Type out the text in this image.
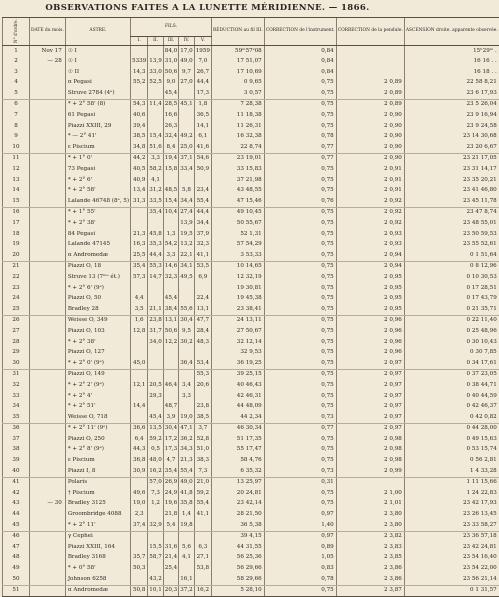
OBSERVATIONS FAITES A LA LUNETTE MÉRIDIENNE. — 1866.
N° d'ordre.	DATE du mois.	ASTRE.	FILS.					RÉDUCTION au fil III.	CORRECTION de l'instrument.	CORRECTION de la pendule.	ASCENSION droite. apparente observée.
			I.	II.	III.	IV.	V.				
1	Nov 17	☉ I			84,0	17,0	1959	59ᵐ57ˢ08	0,84		15ʰ29ᵐ .
2	— 28	☉ I	5339	13,9	31,0	49,0	7,0	17 51,07	0,84		16 16 . .
3		☉ II	14,3	33,0	50,6	9,7	26,7	17 10,69	0,84		16 18 . .
4		α Pegasi	55,2	52,5	9,0	27,0	44,4	0 9,65	0,75	2 0,89	22 58 8,21
5		Struve 2784 (4ᵉ)			45,4		17,3	3 0,57	0,75	2 0,89	23 6 17,93
6		* + 2° 58' (8)	54,3	11,4	28,5	45,1	1,8	7 28,38	0,75	2 0,89	23 5 26,04
7		61 Pegasi	40,6		16,6		36,5	11 18,38	0,75	2 0,90	23 9 16,94
8		Piazzi XXIII, 29	39,4		26,3		14,1	11 26,31	0,75	2 0,90	23 9 24,58
9		* — 2° 41'	38,5	15,4	32,4	49,2	6,1	16 32,38	0,78	2 0,90	23 14 30,68
10		ε Piscium	34,8	51,6	8,4	25,0	41,6	22 8,74	0,77	2 0,90	23 20 6,67
11		* + 1° 0'	44,2	3,3	19,4	37,1	54,6	23 19,01	0,77	2 0,90	23 21 17,05
12		73 Pegasi	40,5	58,2	15,8	33,4	50,9	33 15,83	0,75	2 0,91	23 31 14,17
13		* + 2° 6'	40,9	4,1				37 21,98	0,75	2 0,91	23 35 20,21
14		* + 2° 58'	13,4	31,2	48,5	5,8	23,4	43 48,55	0,75	2 0,91	23 41 46,80
15		Lalande 46748 (8ᵉ, 5)	31,3	33,5	15,4	34,4	55,4	47 15,46	0,76	2 0,92	23 45 11,78
16		* + 1° 55'		35,4	10,4	27,4	44,4	49 10,45	0,75	2 0,92	23 47 8,74
17		* + 2° 38'				13,9	34,4	50 55,67	0,75	2 0,92	23 48 55,01
18		84 Pegasi	21,3	45,8	1,3	19,5	37,9	52 1,31	0,75	2 0,93	23 50 59,53
19		Lalande 47145	16,3	35,3	54,2	13,2	32,3	57 54,29	0,75	2 0,93	23 55 52,61
20		α Andromedæ	25,5	44,4	3,3	22,1	41,1	3 53,33	0,75	2 0,94	0 1 51,64
21		Piazzi O, 18	35,4	55,3	14,6	34,1	53,5	10 14,65	0,75	2 0,94	0 8 12,96
22		Struve 13 (7ᵐᵉ ét.)	57,3	14,7	32,3	49,5	6,9	12 32,19	0,75	2 0,95	0 10 30,53
23		* + 2° 6' (9ᵉ)						19 30,81	0,75	2 0,95	0 17 28,51
24		Piazzi O, 50	4,4		45,4		22,4	19 45,38	0,75	2 0,95	0 17 43,79
25		Bradley 28	3,5	21,1	38,4	55,6	13,1	23 38,41	0,75	2 0,95	0 21 35,71
26		Weisse O, 349	1,6	23,8	13,1	30,4	47,7	24 13,11	0,75	2 0,96	0 22 11,40
27		Piazzi O, 103	12,8	31,7	50,6	9,5	28,4	27 50,67	0,75	2 0,96	0 25 48,96
28		* + 2° 38'		34,0	12,2	30,2	48,3	32 12,14	0,75	2 0,96	0 30 10,43
29		Piazzi O, 127						32 9,53	0,75	2 0,96	0 30 7,85
30		* + 2° 0' (9ᵉ)	45,0			36,4	53,4	36 19,25	0,75	2 0,97	0 34 17,61
31		Piazzi O, 149					55,3	39 25,15	0,75	2 0,97	0 37 23,05
32		* + 2° 2' (9ᵉ)	12,1	20,5	46,4	3,4	20,6	40 46,43	0,75	2 0,97	0 38 44,71
33		* + 2° 4'		29,3		3,3		42 46,31	0,75	2 0,97	0 40 44,59
34		* + 2° 51'	14,4		48,7		23,8	44 48,09	0,75	2 0,97	0 42 46,37
35		Weisse O, 718		45,4	3,9	19,0	38,5	44 2,34	0,73	2 0,97	0 42 0,82
36		* + 2° 11' (9ᵉ)	36,6	13,5	30,4	47,1	3,7	46 30,34	0,77	2 0,97	0 44 28,00
37		Piazzi O, 250	6,4	59,2	17,2	36,2	52,8	51 17,35	0,75	2 0,98	0 49 15,63
38		* + 2° 8' (9ᵉ)	44,3	0,5	17,3	34,3	51,0	55 17,47	0,75	2 0,98	0 53 15,74
39		ε Piscium	36,8	48,0	4,7	21,3	38,3	58 4,76	0,75	2 0,98	0 56 2,81
40		Piazzi I, 8	30,9	16,2	35,4	55,4	7,3	6 35,32	0,73	2 0,99	1 4 33,28
41		Polaris		57,0	26,9	49,0	21,0	13 25,97	0,31		1 11 15,66
42		† Piscium	49,6	7,3	24,9	41,8	59,2	20 24,81	0,75	2 1,00	1 24 22,83
43	— 30	Bradley 3125	19,0	1,2	19,6	35,8	55,4	23 42,14	0,75	2 1,01	23 42 17,93
44		Groombridge 4088	2,3		21,8	1,4	41,1	28 21,50	0,97	2 3,80	23 26 13,45
45		* + 2° 11'	37,4	32,9	5,4	19,8		36 5,38	1,40	2 3,80	23 33 58,27
46		γ Cephei						39 4,15	0,97	2 3,82	23 36 57,18
47		Piazzi XXIII, 164		15,5	31,6	5,6	6,3	44 31,55	0,89	2 3,83	23 42 24,81
48		Bradley 3168	35,7	58,7	21,4	4,1	27,1	56 25,36	1,05	2 3,85	23 54 16,40
49		* + 0° 58'	50,3		25,4		53,8	56 29,66	0,83	2 3,86	23 54 22,00
50		Johnson 6258		43,2		16,1		58 29,66	0,78	2 3,86	23 56 21,14
51		α Andromedæ	50,8	10,1	20,3	37,2	16,2	5 28,10	0,75	2 3,87	0 1 31,57
